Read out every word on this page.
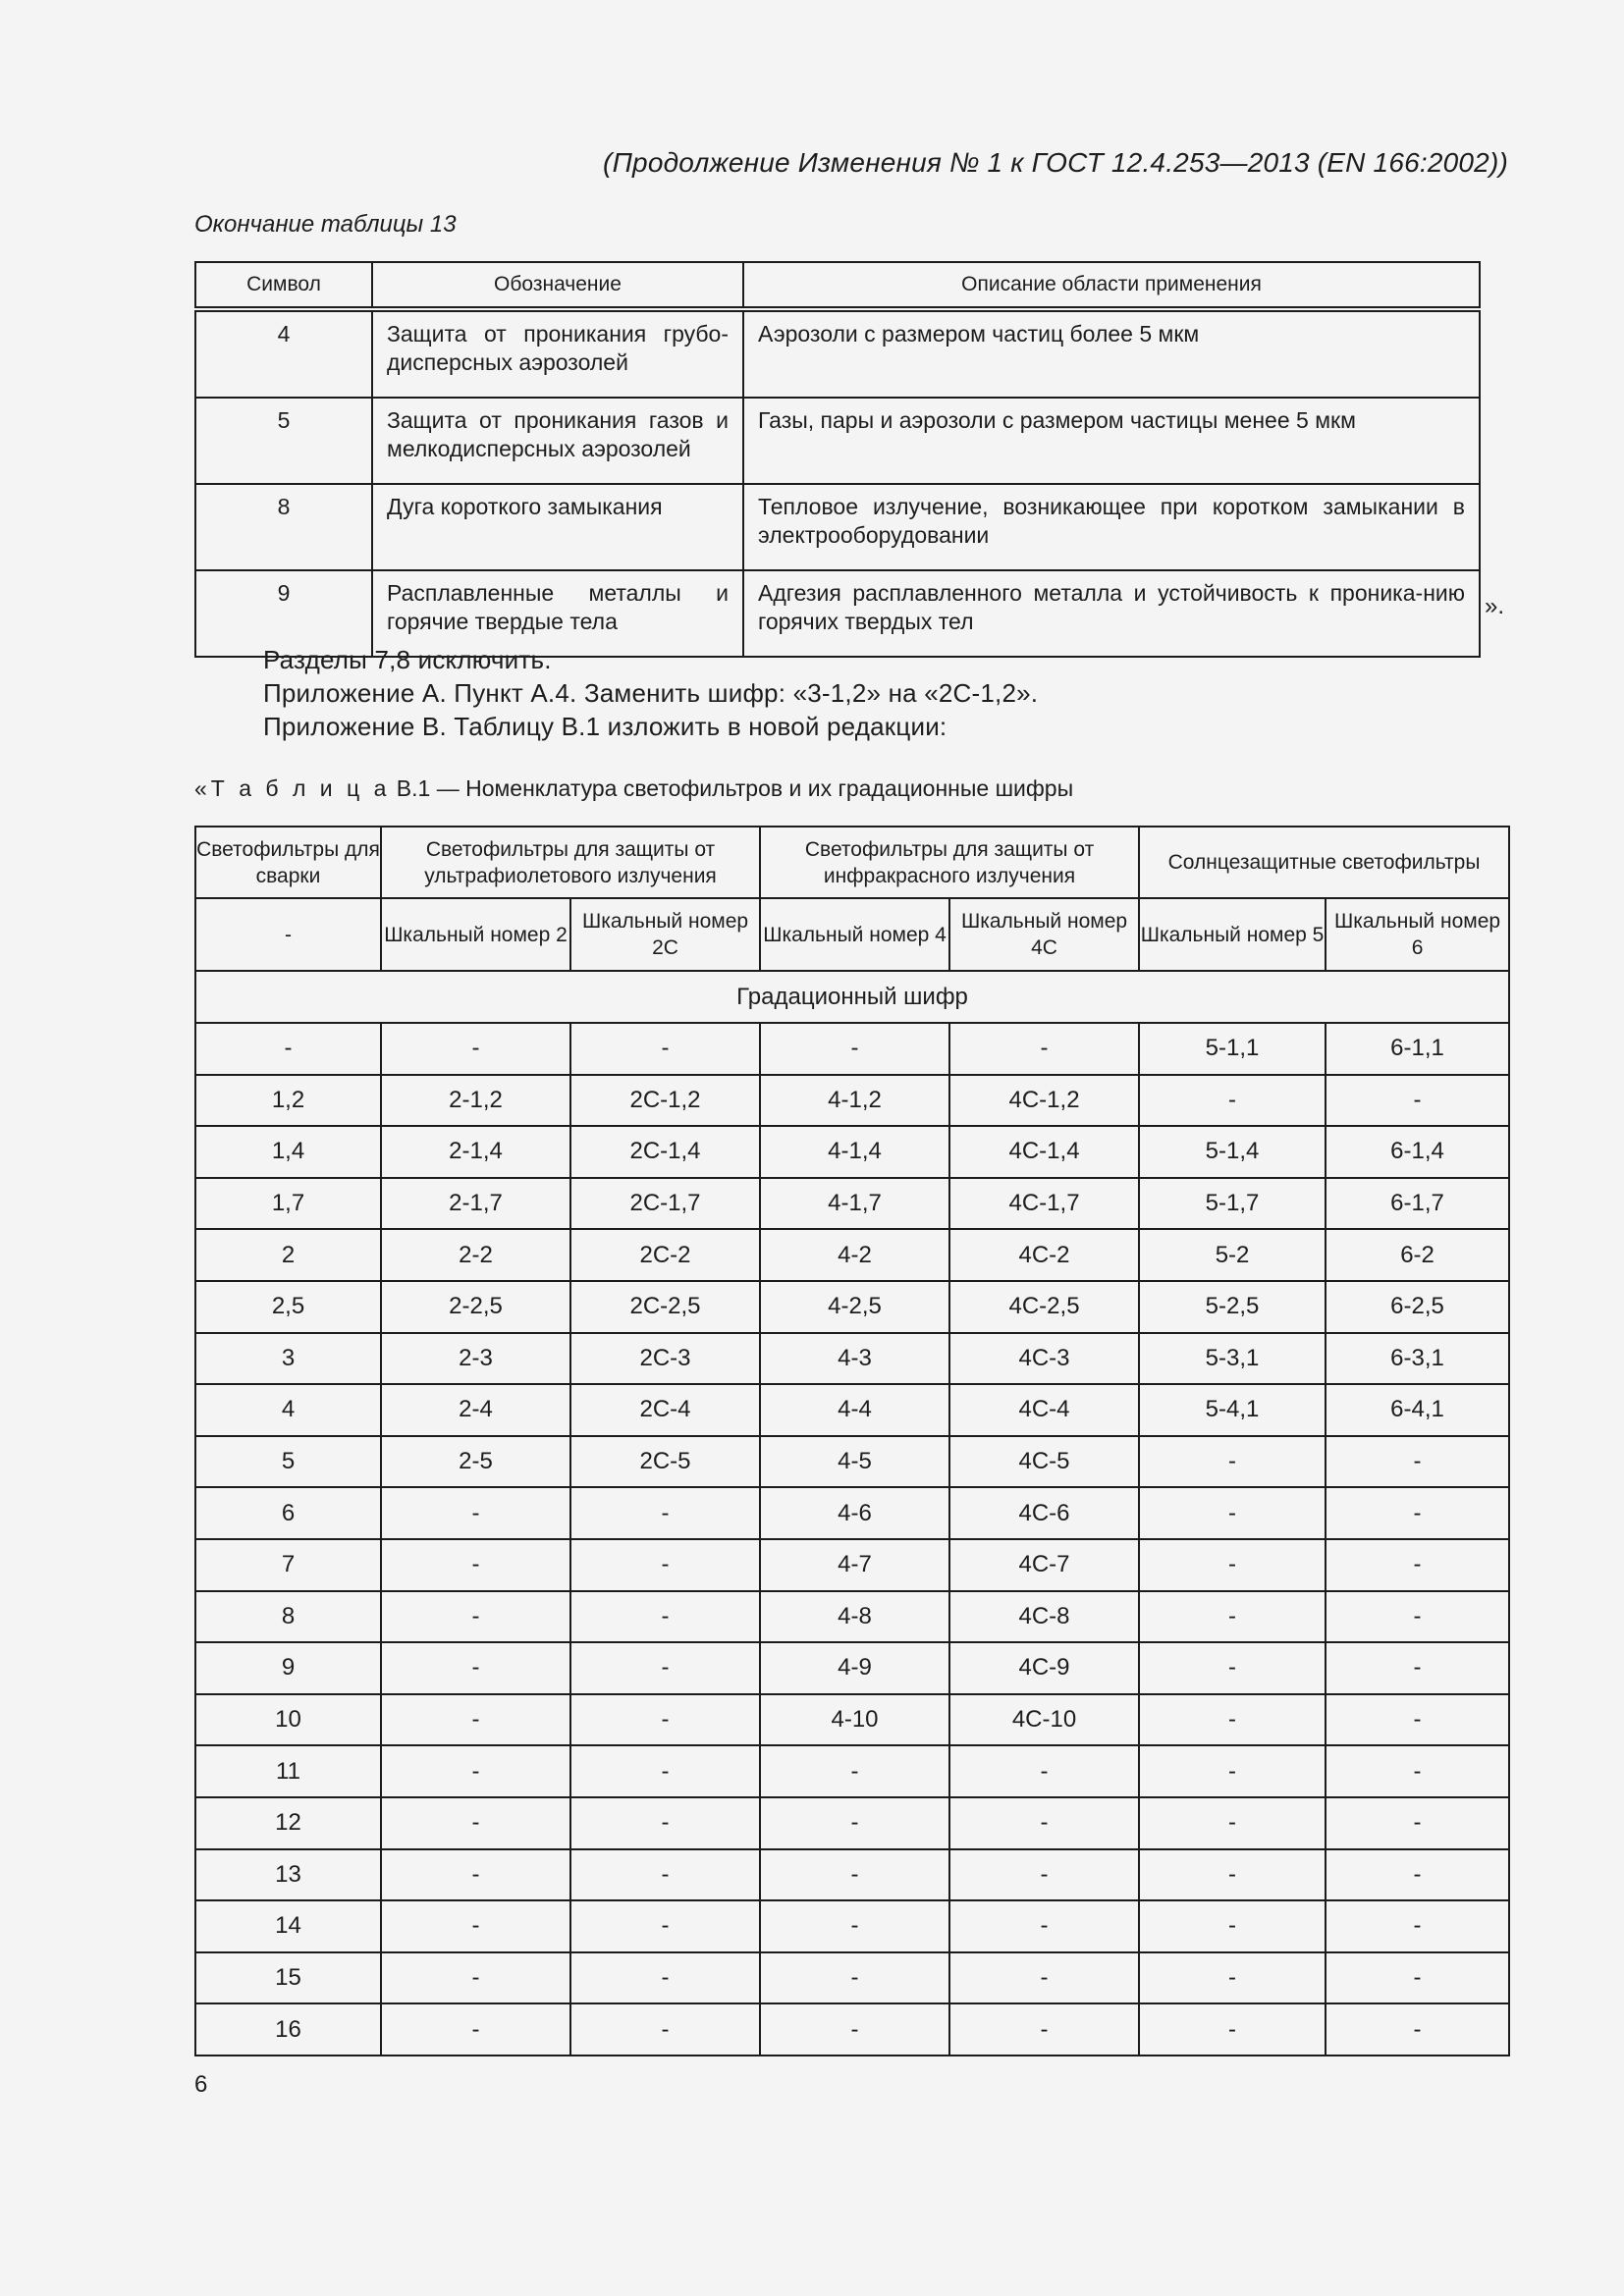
(Продолжение Изменения № 1 к ГОСТ 12.4.253—2013 (EN 166:2002))
Окончание таблицы 13
Символ	Обозначение	Описание области применения
4	Защита от проникания грубо-дисперсных аэрозолей	Аэрозоли с размером частиц более 5 мкм
5	Защита от проникания газов и мелкодисперсных аэрозолей	Газы, пары и аэрозоли с размером частицы менее 5 мкм
8	Дуга короткого замыкания	Тепловое излучение, возникающее при коротком замыкании в электрооборудовании
9	Расплавленные металлы и горячие твердые тела	Адгезия расплавленного металла и устойчивость к проника-нию горячих твердых тел
».
Разделы 7,8 исключить.
Приложение А. Пункт А.4. Заменить шифр: «3-1,2» на «2С-1,2».
Приложение В. Таблицу В.1 изложить в новой редакции:
«Т а б л и ц а В.1 — Номенклатура светофильтров и их градационные шифры
Светофильтры для сварки	Светофильтры для защиты от ультрафиолетового излучения		Светофильтры для защиты от инфракрасного излучения		Солнцезащитные светофильтры	
-	Шкальный номер 2	Шкальный номер 2С	Шкальный номер 4	Шкальный номер 4С	Шкальный номер 5	Шкальный номер 6
Градационный шифр						
-	-	-	-	-	5-1,1	6-1,1
1,2	2-1,2	2С-1,2	4-1,2	4С-1,2	-	-
1,4	2-1,4	2С-1,4	4-1,4	4С-1,4	5-1,4	6-1,4
1,7	2-1,7	2С-1,7	4-1,7	4С-1,7	5-1,7	6-1,7
2	2-2	2С-2	4-2	4С-2	5-2	6-2
2,5	2-2,5	2С-2,5	4-2,5	4С-2,5	5-2,5	6-2,5
3	2-3	2С-3	4-3	4С-3	5-3,1	6-3,1
4	2-4	2С-4	4-4	4С-4	5-4,1	6-4,1
5	2-5	2С-5	4-5	4С-5	-	-
6	-	-	4-6	4С-6	-	-
7	-	-	4-7	4С-7	-	-
8	-	-	4-8	4С-8	-	-
9	-	-	4-9	4С-9	-	-
10	-	-	4-10	4С-10	-	-
11	-	-	-	-	-	-
12	-	-	-	-	-	-
13	-	-	-	-	-	-
14	-	-	-	-	-	-
15	-	-	-	-	-	-
16	-	-	-	-	-	-
6
